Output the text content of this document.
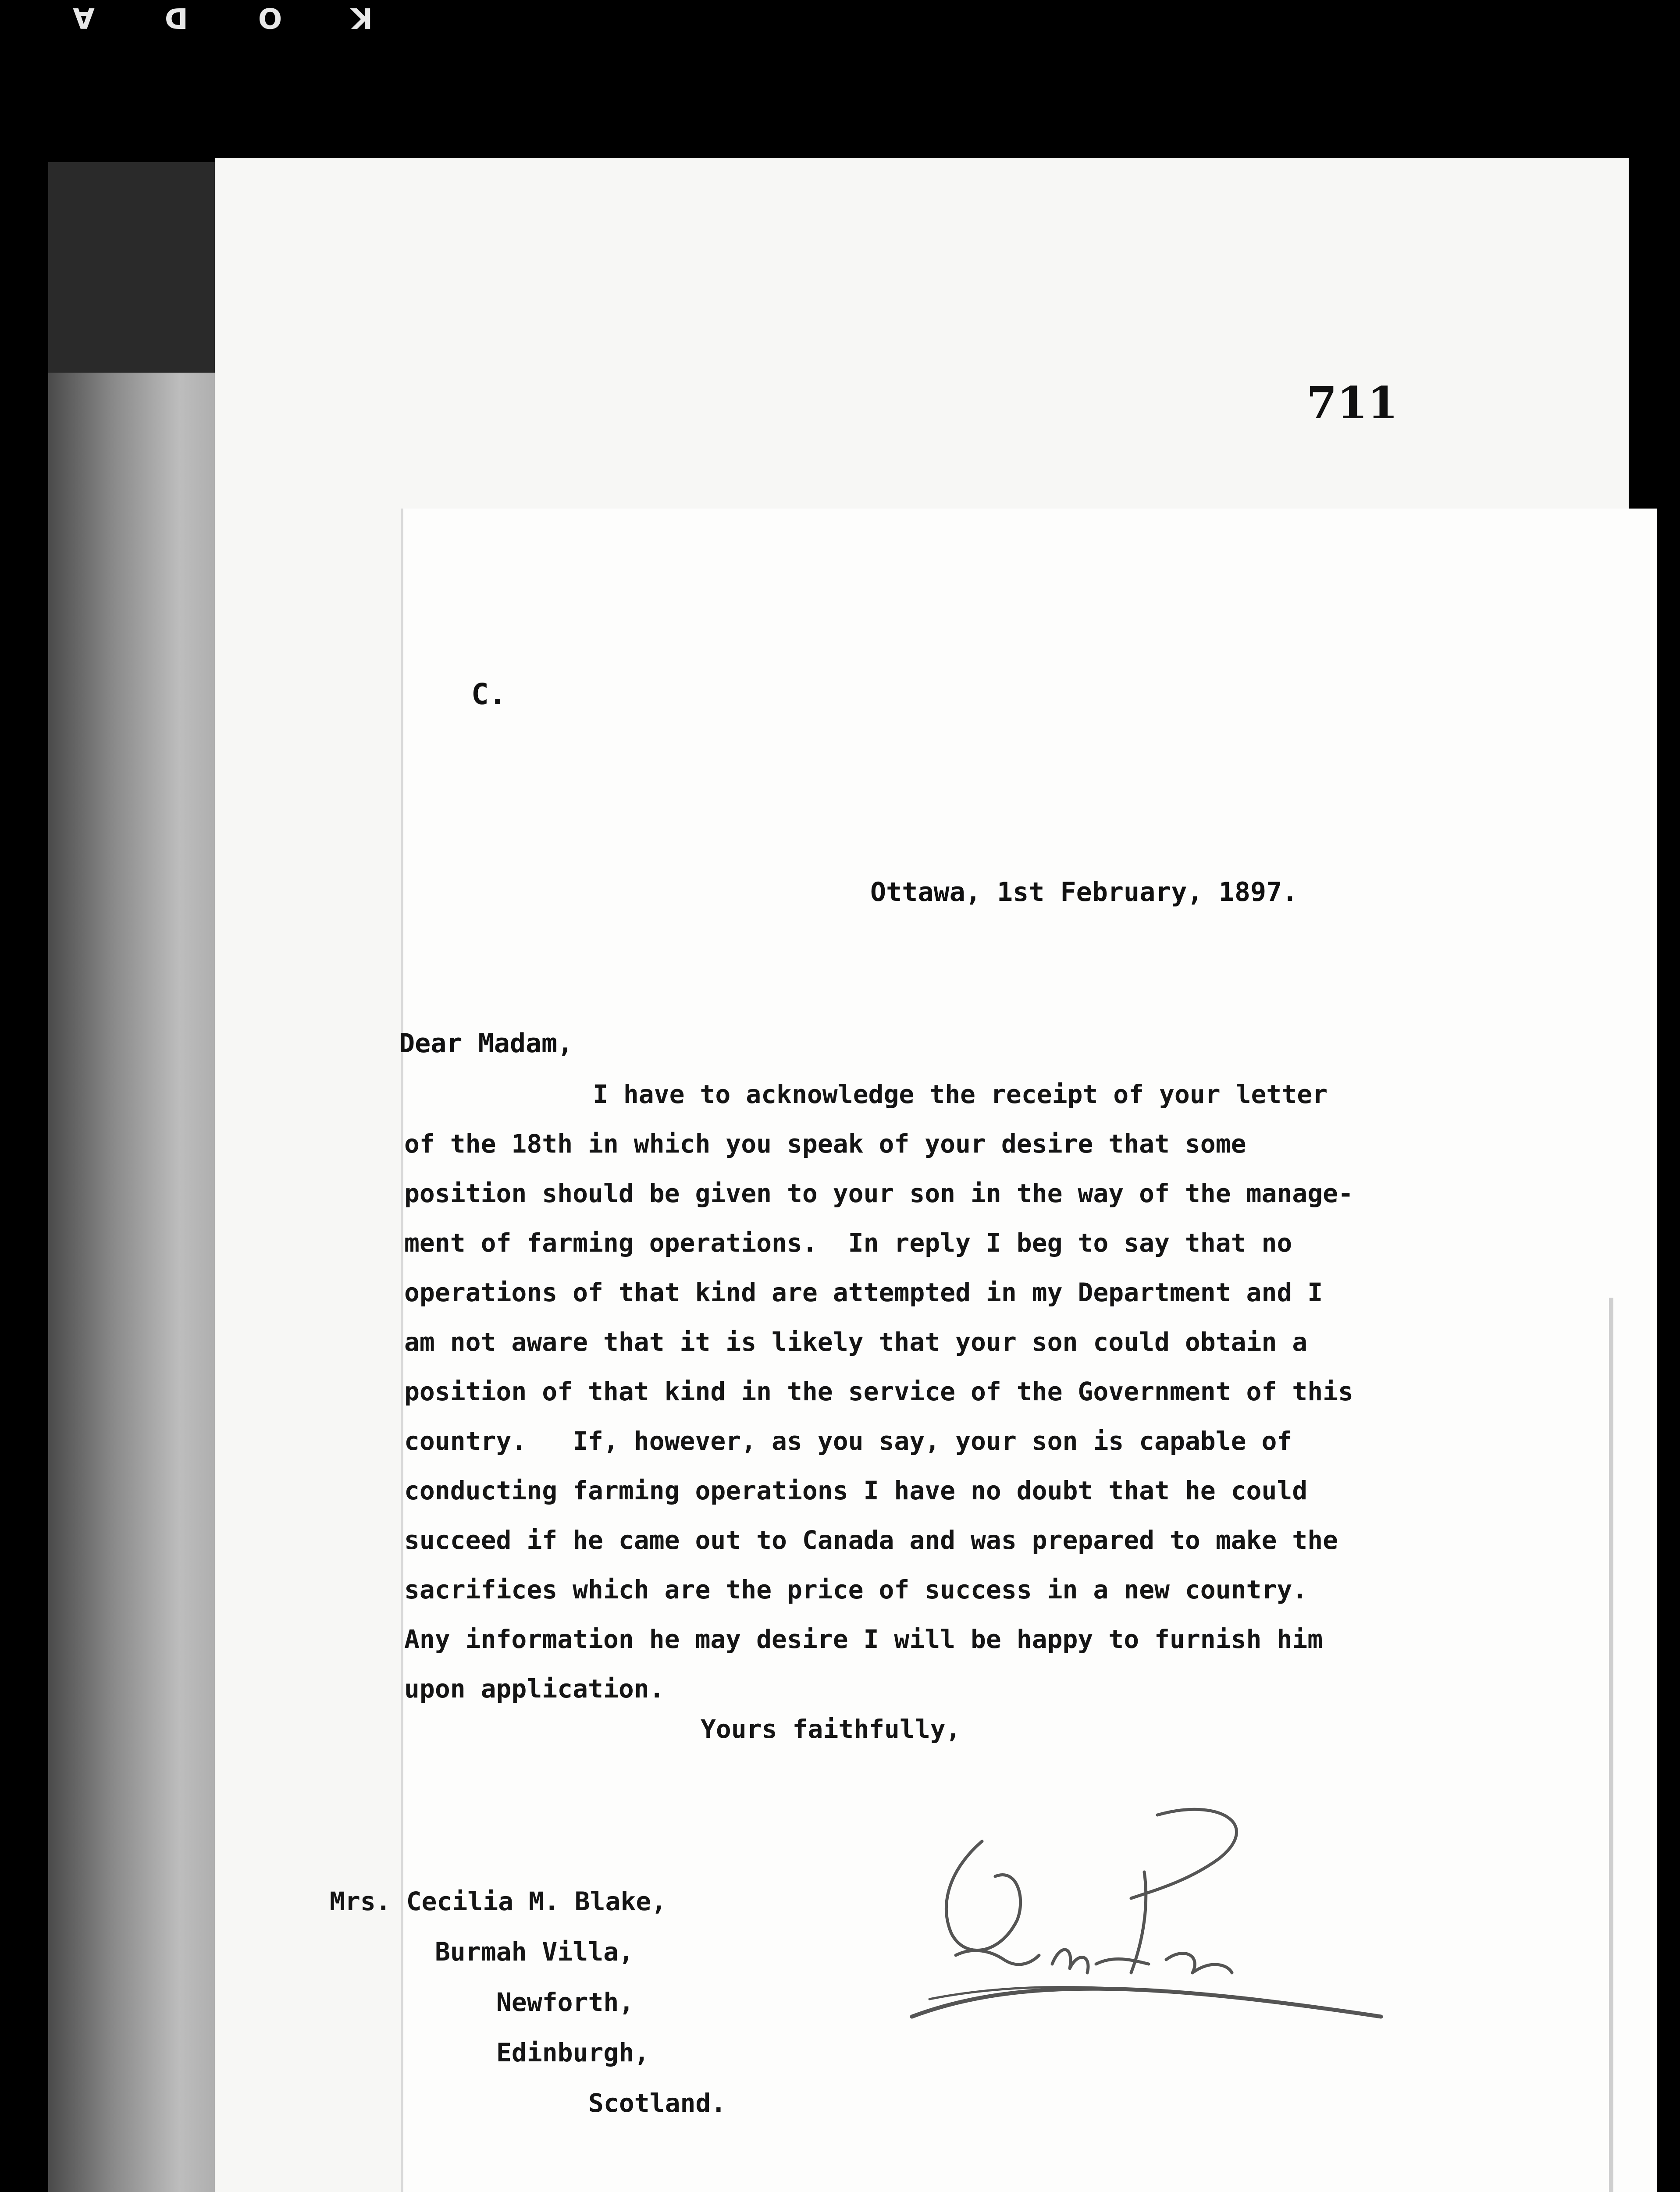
KODA
711
C.
Ottawa, 1st February, 1897.
Dear Madam,
I have to acknowledge the receipt of your letter
of the 18th in which you speak of your desire that some
position should be given to your son in the way of the manage-
ment of farming operations.  In reply I beg to say that no
operations of that kind are attempted in my Department and I
am not aware that it is likely that your son could obtain a
position of that kind in the service of the Government of this
country.   If, however, as you say, your son is capable of
conducting farming operations I have no doubt that he could
succeed if he came out to Canada and was prepared to make the
sacrifices which are the price of success in a new country.
Any information he may desire I will be happy to furnish him
upon application.
Yours faithfully,
Mrs. Cecilia M. Blake,
Burmah Villa,
Newforth,
Edinburgh,
Scotland.
